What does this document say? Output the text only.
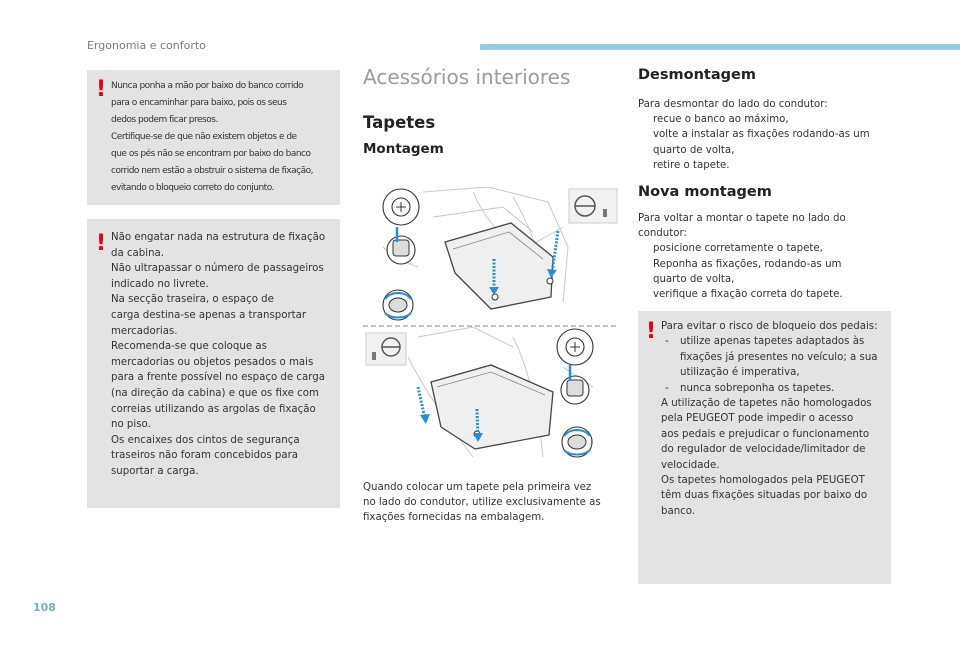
Ergonomia e conforto
! Nunca ponha a mão por baixo do banco corrido
para o encaminhar para baixo, pois os seus
dedos podem ficar presos.
Certifique-se de que não existem objetos e de
que os pés não se encontram por baixo do banco
corrido nem estão a obstruir o sistema de fixação,
evitando o bloqueio correto do conjunto.
! Não engatar nada na estrutura de fixação
da cabina.
Não ultrapassar o número de passageiros
indicado no livrete.
Na secção traseira, o espaço de
carga destina-se apenas a transportar
mercadorias.
Recomenda-se que coloque as
mercadorias ou objetos pesados o mais
para a frente possível no espaço de carga
(na direção da cabina) e que os fixe com
correias utilizando as argolas de fixação
no piso.
Os encaixes dos cintos de segurança
traseiros não foram concebidos para
suportar a carga.
Acessórios interiores
Tapetes
Montagem
Quando colocar um tapete pela primeira vez
no lado do condutor, utilize exclusivamente as
fixações fornecidas na embalagem.
Desmontagem
Para desmontar do lado do condutor:
recue o banco ao máximo,
volte a instalar as fixações rodando-as um
quarto de volta,
retire o tapete.
Nova montagem
Para voltar a montar o tapete no lado do
condutor:
posicione corretamente o tapete,
Reponha as fixações, rodando-as um
quarto de volta,
verifique a fixação correta do tapete.
! Para evitar o risco de bloqueio dos pedais:
- utilize apenas tapetes adaptados às
fixações já presentes no veículo; a sua
utilização é imperativa,
- nunca sobreponha os tapetes.
A utilização de tapetes não homologados
pela PEUGEOT pode impedir o acesso
aos pedais e prejudicar o funcionamento
do regulador de velocidade/limitador de
velocidade.
Os tapetes homologados pela PEUGEOT
têm duas fixações situadas por baixo do
banco.
108
